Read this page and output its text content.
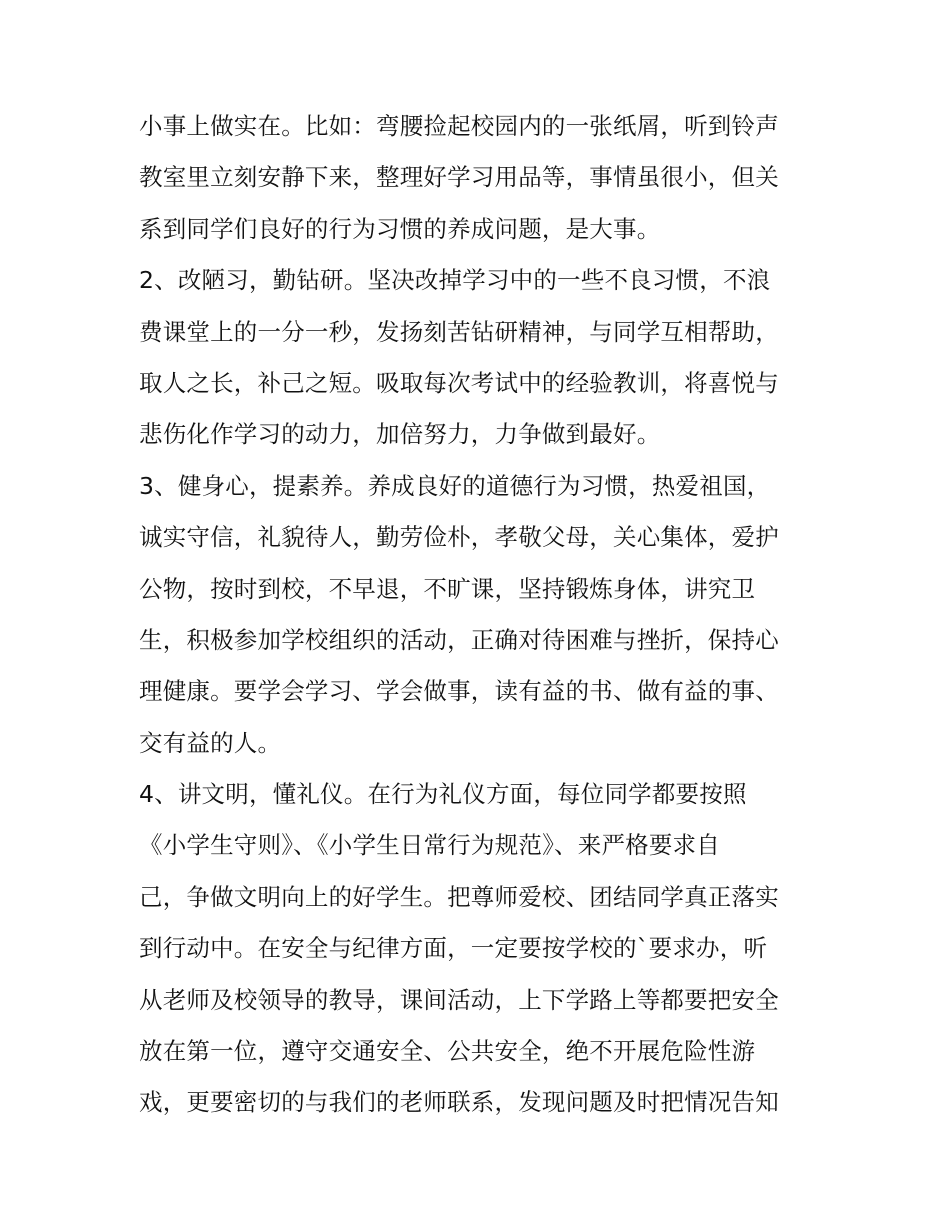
小事上做实在。比如：弯腰捡起校园内的一张纸屑，听到铃声
教室里立刻安静下来，整理好学习用品等，事情虽很小，但关
系到同学们良好的行为习惯的养成问题，是大事。
2、改陋习，勤钻研。坚决改掉学习中的一些不良习惯，不浪
费课堂上的一分一秒，发扬刻苦钻研精神，与同学互相帮助，
取人之长，补己之短。吸取每次考试中的经验教训，将喜悦与
悲伤化作学习的动力，加倍努力，力争做到最好。
3、健身心，提素养。养成良好的道德行为习惯，热爱祖国，
诚实守信，礼貌待人，勤劳俭朴，孝敬父母，关心集体，爱护
公物，按时到校，不早退，不旷课，坚持锻炼身体，讲究卫
生，积极参加学校组织的活动，正确对待困难与挫折，保持心
理健康。要学会学习、学会做事，读有益的书、做有益的事、
交有益的人。
4、讲文明，懂礼仪。在行为礼仪方面，每位同学都要按照
《小学生守则》、《小学生日常行为规范》、来严格要求自
己，争做文明向上的好学生。把尊师爱校、团结同学真正落实
到行动中。在安全与纪律方面，一定要按学校的`要求办，听
从老师及校领导的教导，课间活动，上下学路上等都要把安全
放在第一位，遵守交通安全、公共安全，绝不开展危险性游
戏，更要密切的与我们的老师联系，发现问题及时把情况告知
